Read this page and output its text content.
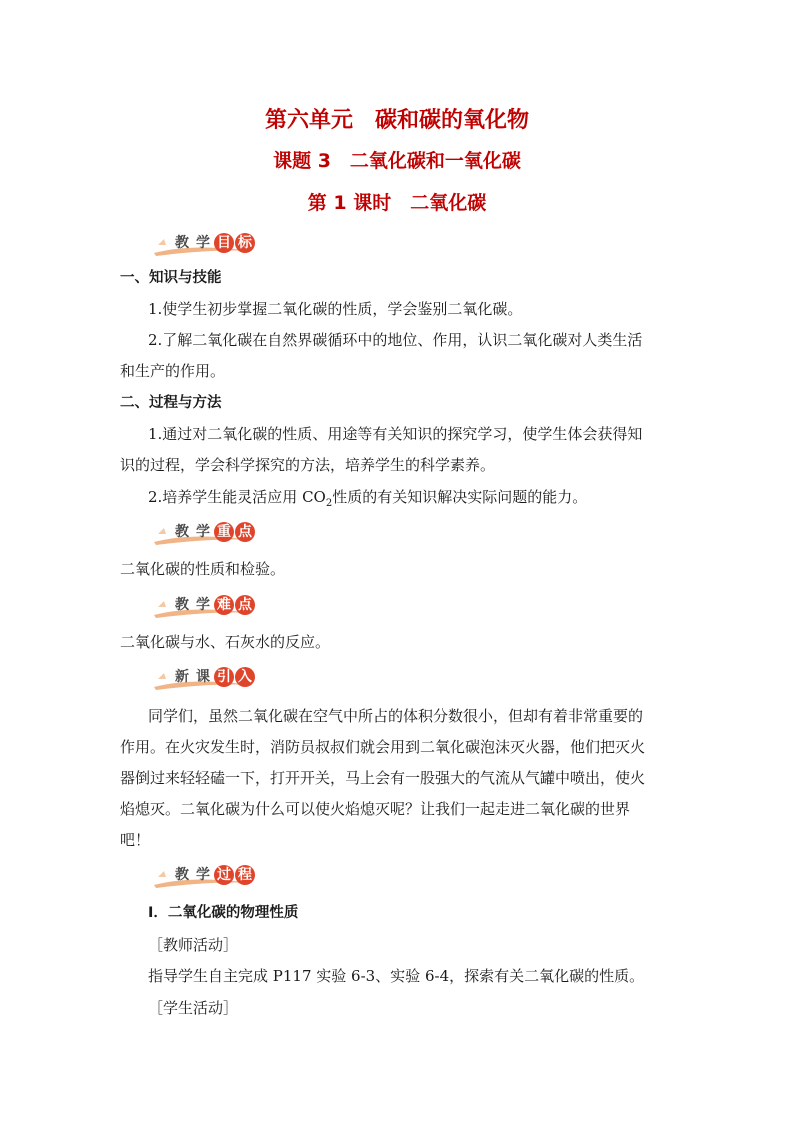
第六单元　碳和碳的氧化物
课题 3　二氧化碳和一氧化碳
第 1 课时　二氧化碳
教 学 目 标
一、知识与技能
1.使学生初步掌握二氧化碳的性质，学会鉴别二氧化碳。
2.了解二氧化碳在自然界碳循环中的地位、作用，认识二氧化碳对人类生活
和生产的作用。
二、过程与方法
1.通过对二氧化碳的性质、用途等有关知识的探究学习，使学生体会获得知
识的过程，学会科学探究的方法，培养学生的科学素养。
2.培养学生能灵活应用 $CO_2$性质的有关知识解决实际问题的能力。
教 学 重 点
二氧化碳的性质和检验。
教 学 难 点
二氧化碳与水、石灰水的反应。
新 课 引 入
同学们，虽然二氧化碳在空气中所占的体积分数很小，但却有着非常重要的
作用。在火灾发生时，消防员叔叔们就会用到二氧化碳泡沫灭火器，他们把灭火
器倒过来轻轻磕一下，打开开关，马上会有一股强大的气流从气罐中喷出，使火
焰熄灭。二氧化碳为什么可以使火焰熄灭呢？让我们一起走进二氧化碳的世界
吧！
教 学 过 程
Ⅰ．二氧化碳的物理性质
［教师活动］
指导学生自主完成 P117 实验 6-3、实验 6-4，探索有关二氧化碳的性质。
［学生活动］
